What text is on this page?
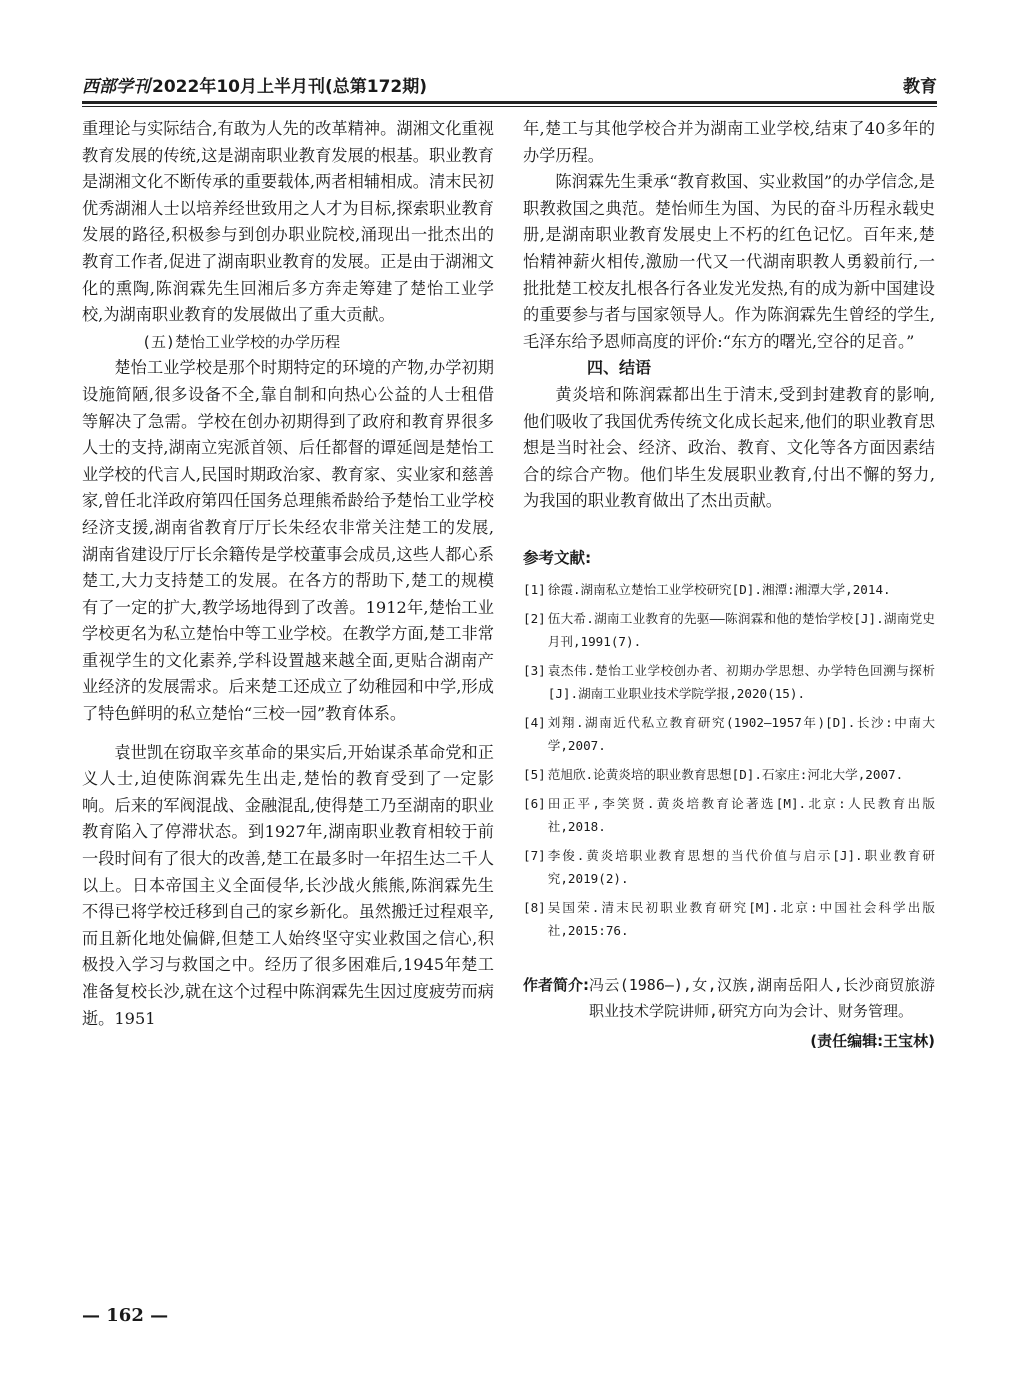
西部学刊 2022年10月上半月刊(总第172期)	教育

重理论与实际结合,有敢为人先的改革精神。湖湘文化重视教育发展的传统,这是湖南职业教育发展的根基。职业教育是湖湘文化不断传承的重要载体,两者相辅相成。清末民初优秀湖湘人士以培养经世致用之人才为目标,探索职业教育发展的路径,积极参与到创办职业院校,涌现出一批杰出的教育工作者,促进了湖南职业教育的发展。正是由于湖湘文化的熏陶,陈润霖先生回湘后多方奔走筹建了楚怡工业学校,为湖南职业教育的发展做出了重大贡献。

(五)楚怡工业学校的办学历程

楚怡工业学校是那个时期特定的环境的产物,办学初期设施简陋,很多设备不全,靠自制和向热心公益的人士租借等解决了急需。学校在创办初期得到了政府和教育界很多人士的支持,湖南立宪派首领、后任都督的谭延闿是楚怡工业学校的代言人,民国时期政治家、教育家、实业家和慈善家,曾任北洋政府第四任国务总理熊希龄给予楚怡工业学校经济支援,湖南省教育厅厅长朱经农非常关注楚工的发展,湖南省建设厅厅长余籍传是学校董事会成员,这些人都心系楚工,大力支持楚工的发展。在各方的帮助下,楚工的规模有了一定的扩大,教学场地得到了改善。1912年,楚怡工业学校更名为私立楚怡中等工业学校。在教学方面,楚工非常重视学生的文化素养,学科设置越来越全面,更贴合湖南产业经济的发展需求。后来楚工还成立了幼稚园和中学,形成了特色鲜明的私立楚怡“三校一园”教育体系。

袁世凯在窃取辛亥革命的果实后,开始谋杀革命党和正义人士,迫使陈润霖先生出走,楚怡的教育受到了一定影响。后来的军阀混战、金融混乱,使得楚工乃至湖南的职业教育陷入了停滞状态。到1927年,湖南职业教育相较于前一段时间有了很大的改善,楚工在最多时一年招生达二千人以上。日本帝国主义全面侵华,长沙战火熊熊,陈润霖先生不得已将学校迁移到自己的家乡新化。虽然搬迁过程艰辛,而且新化地处偏僻,但楚工人始终坚守实业救国之信心,积极投入学习与救国之中。经历了很多困难后,1945年楚工准备复校长沙,就在这个过程中陈润霖先生因过度疲劳而病逝。1951

年,楚工与其他学校合并为湖南工业学校,结束了40多年的办学历程。

陈润霖先生秉承“教育救国、实业救国”的办学信念,是职教救国之典范。楚怡师生为国、为民的奋斗历程永载史册,是湖南职业教育发展史上不朽的红色记忆。百年来,楚怡精神薪火相传,激励一代又一代湖南职教人勇毅前行,一批批楚工校友扎根各行各业发光发热,有的成为新中国建设的重要参与者与国家领导人。作为陈润霖先生曾经的学生,毛泽东给予恩师高度的评价:“东方的曙光,空谷的足音。”

四、结语

黄炎培和陈润霖都出生于清末,受到封建教育的影响,他们吸收了我国优秀传统文化成长起来,他们的职业教育思想是当时社会、经济、政治、教育、文化等各方面因素结合的综合产物。他们毕生发展职业教育,付出不懈的努力,为我国的职业教育做出了杰出贡献。

参考文献:
[1] 徐霞.湖南私立楚怡工业学校研究[D].湘潭:湘潭大学,2014.
[2] 伍大希.湖南工业教育的先驱——陈润霖和他的楚怡学校[J].湖南党史月刊,1991(7).
[3] 袁杰伟.楚怡工业学校创办者、初期办学思想、办学特色回溯与探析[J].湖南工业职业技术学院学报,2020(15).
[4] 刘翔.湖南近代私立教育研究(1902—1957年)[D].长沙:中南大学,2007.
[5] 范旭欣.论黄炎培的职业教育思想[D].石家庄:河北大学,2007.
[6] 田正平,李笑贤.黄炎培教育论著选[M].北京:人民教育出版社,2018.
[7] 李俊.黄炎培职业教育思想的当代价值与启示[J].职业教育研究,2019(2).
[8] 吴国荣.清末民初职业教育研究[M].北京:中国社会科学出版社,2015:76.
作者简介: 冯云(1986—),女,汉族,湖南岳阳人,长沙商贸旅游职业技术学院讲师,研究方向为会计、财务管理。
(责任编辑:王宝林)
— 162 —
